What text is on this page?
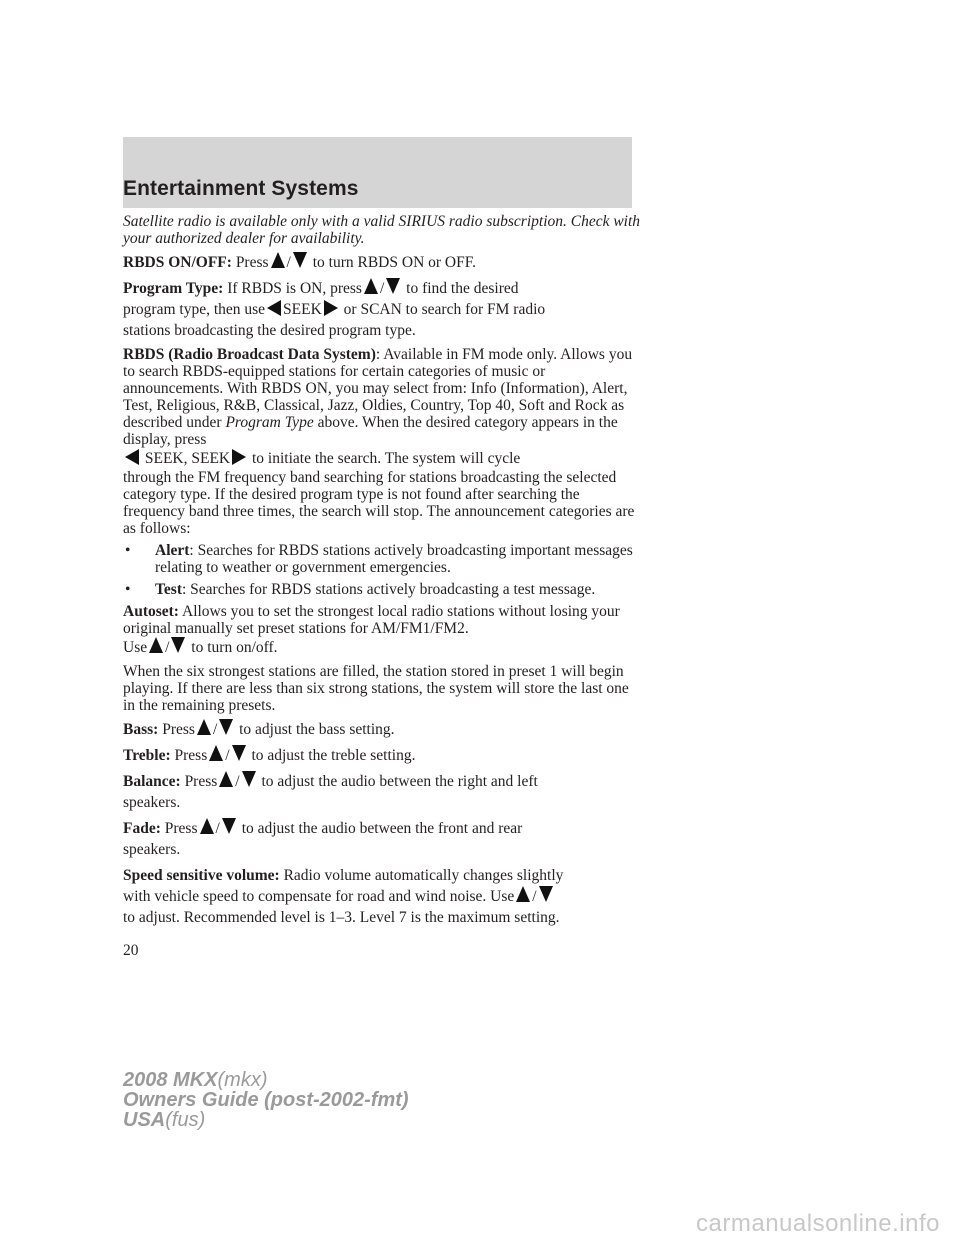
Entertainment Systems

Satellite radio is available only with a valid SIRIUS radio subscription. Check with your authorized dealer for availability.

RBDS ON/OFF: Press / to turn RBDS ON or OFF.

Program Type: If RBDS is ON, press / to find the desired
program type, then use SEEK or SCAN to search for FM radio
stations broadcasting the desired program type.

RBDS (Radio Broadcast Data System): Available in FM mode only. Allows you to search RBDS-equipped stations for certain categories of music or announcements. With RBDS ON, you may select from: Info (Information), Alert, Test, Religious, R&B, Classical, Jazz, Oldies, Country, Top 40, Soft and Rock as described under Program Type above. When the desired category appears in the display, press
SEEK, SEEK to initiate the search. The system will cycle
through the FM frequency band searching for stations broadcasting the selected category type. If the desired program type is not found after searching the frequency band three times, the search will stop. The announcement categories are as follows:

• Alert: Searches for RBDS stations actively broadcasting important messages relating to weather or government emergencies.

• Test: Searches for RBDS stations actively broadcasting a test message.

Autoset: Allows you to set the strongest local radio stations without losing your original manually set preset stations for AM/FM1/FM2.
Use / to turn on/off.

When the six strongest stations are filled, the station stored in preset 1 will begin playing. If there are less than six strong stations, the system will store the last one in the remaining presets.

Bass: Press / to adjust the bass setting.

Treble: Press / to adjust the treble setting.

Balance: Press / to adjust the audio between the right and left
speakers.

Fade: Press / to adjust the audio between the front and rear
speakers.

Speed sensitive volume: Radio volume automatically changes slightly
with vehicle speed to compensate for road and wind noise. Use /
to adjust. Recommended level is 1–3. Level 7 is the maximum setting.

20
2008 MKX(mkx)
Owners Guide (post-2002-fmt)
USA(fus)
carmanualsonline.info
